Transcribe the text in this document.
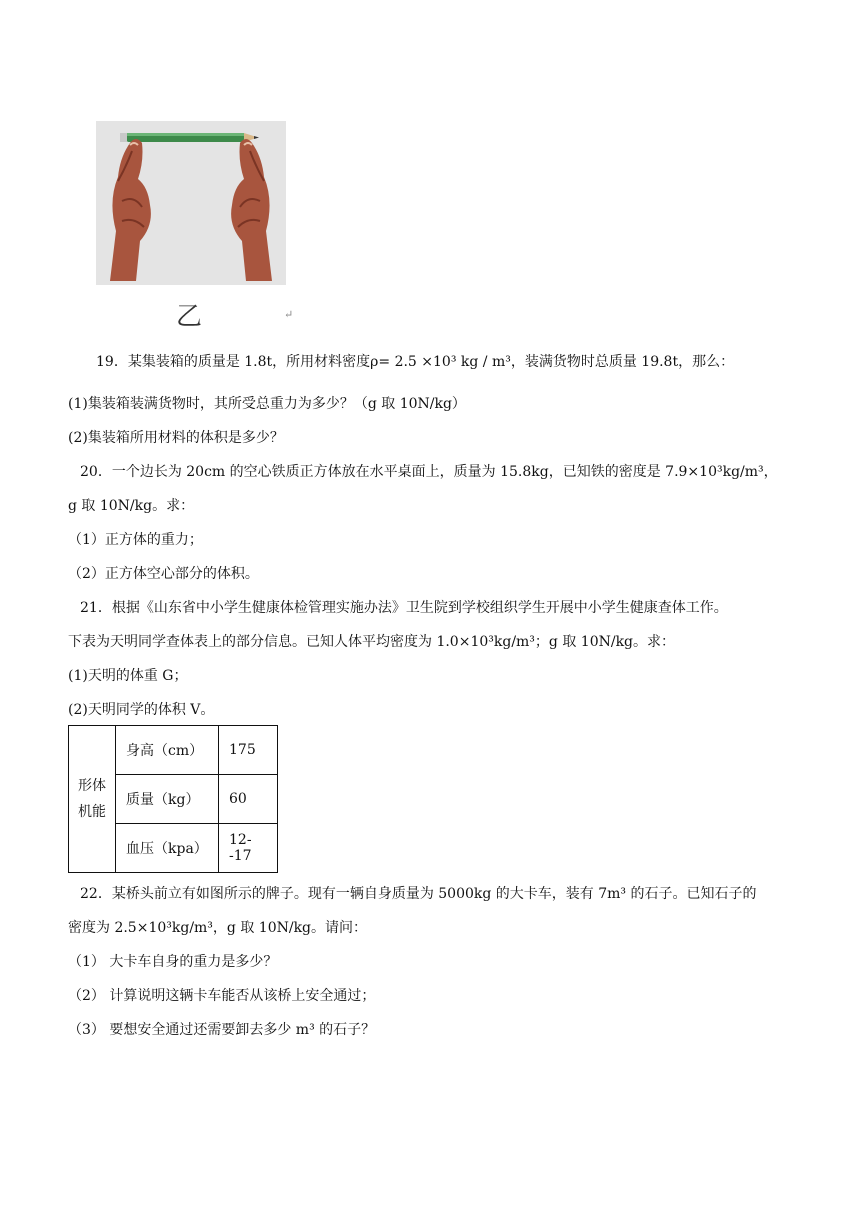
乙	↵
19．某集装箱的质量是 1.8t，所用材料密度ρ= 2.5 ×10³ kg / m³，装满货物时总质量 19.8t，那么：
(1)集装箱装满货物时，其所受总重力为多少？（g 取 10N/kg）
(2)集装箱所用材料的体积是多少？
20．一个边长为 20cm 的空心铁质正方体放在水平桌面上，质量为 15.8kg，已知铁的密度是 7.9×10³kg/m³，
g 取 10N/kg。求：
（1）正方体的重力；
（2）正方体空心部分的体积。
21．根据《山东省中小学生健康体检管理实施办法》卫生院到学校组织学生开展中小学生健康查体工作。
下表为天明同学查体表上的部分信息。已知人体平均密度为 1.0×10³kg/m³；g 取 10N/kg。求：
(1)天明的体重 G；
(2)天明同学的体积 V。
形体机能	身高（cm）	175
	质量（kg）	60
	血压（kpa）	12--17
22．某桥头前立有如图所示的牌子。现有一辆自身质量为 5000kg 的大卡车，装有 7m³ 的石子。已知石子的
密度为 2.5×10³kg/m³，g 取 10N/kg。请问：
（1） 大卡车自身的重力是多少？
（2） 计算说明这辆卡车能否从该桥上安全通过；
（3） 要想安全通过还需要卸去多少 m³ 的石子？
